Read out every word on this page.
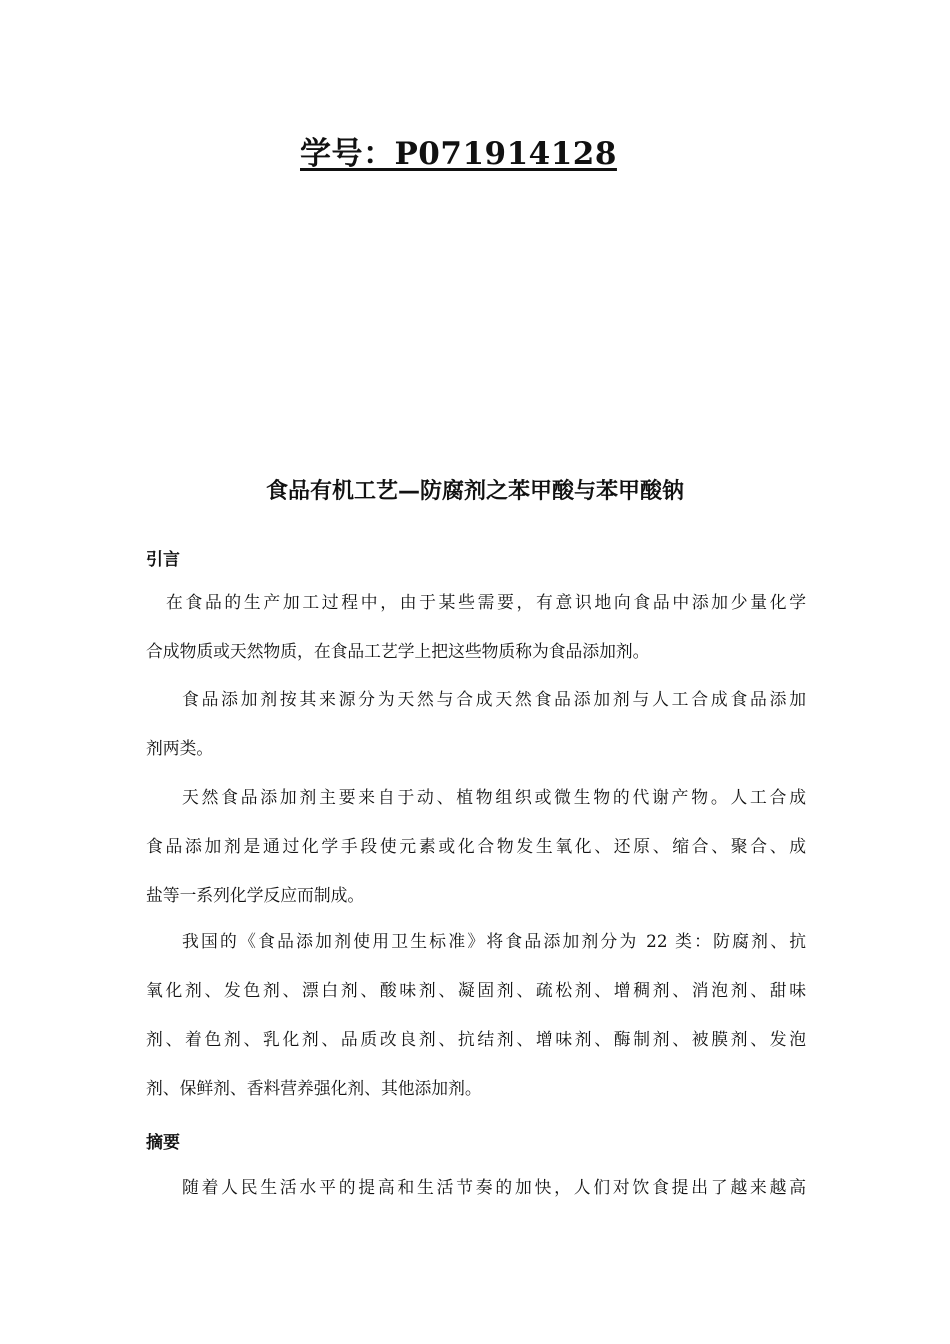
学号：P071914128
食品有机工艺—防腐剂之苯甲酸与苯甲酸钠
引言

在食品的生产加工过程中，由于某些需要，有意识地向食品中添加少量化学
合成物质或天然物质，在食品工艺学上把这些物质称为食品添加剂。

食品添加剂按其来源分为天然与合成天然食品添加剂与人工合成食品添加
剂两类。

天然食品添加剂主要来自于动、植物组织或微生物的代谢产物。人工合成
食品添加剂是通过化学手段使元素或化合物发生氧化、还原、缩合、聚合、成
盐等一系列化学反应而制成。

我国的《食品添加剂使用卫生标准》将食品添加剂分为 22 类：防腐剂、抗
氧化剂、发色剂、漂白剂、酸味剂、凝固剂、疏松剂、增稠剂、消泡剂、甜味
剂、着色剂、乳化剂、品质改良剂、抗结剂、增味剂、酶制剂、被膜剂、发泡
剂、保鲜剂、香料营养强化剂、其他添加剂。

摘要

随着人民生活水平的提高和生活节奏的加快，人们对饮食提出了越来越高
